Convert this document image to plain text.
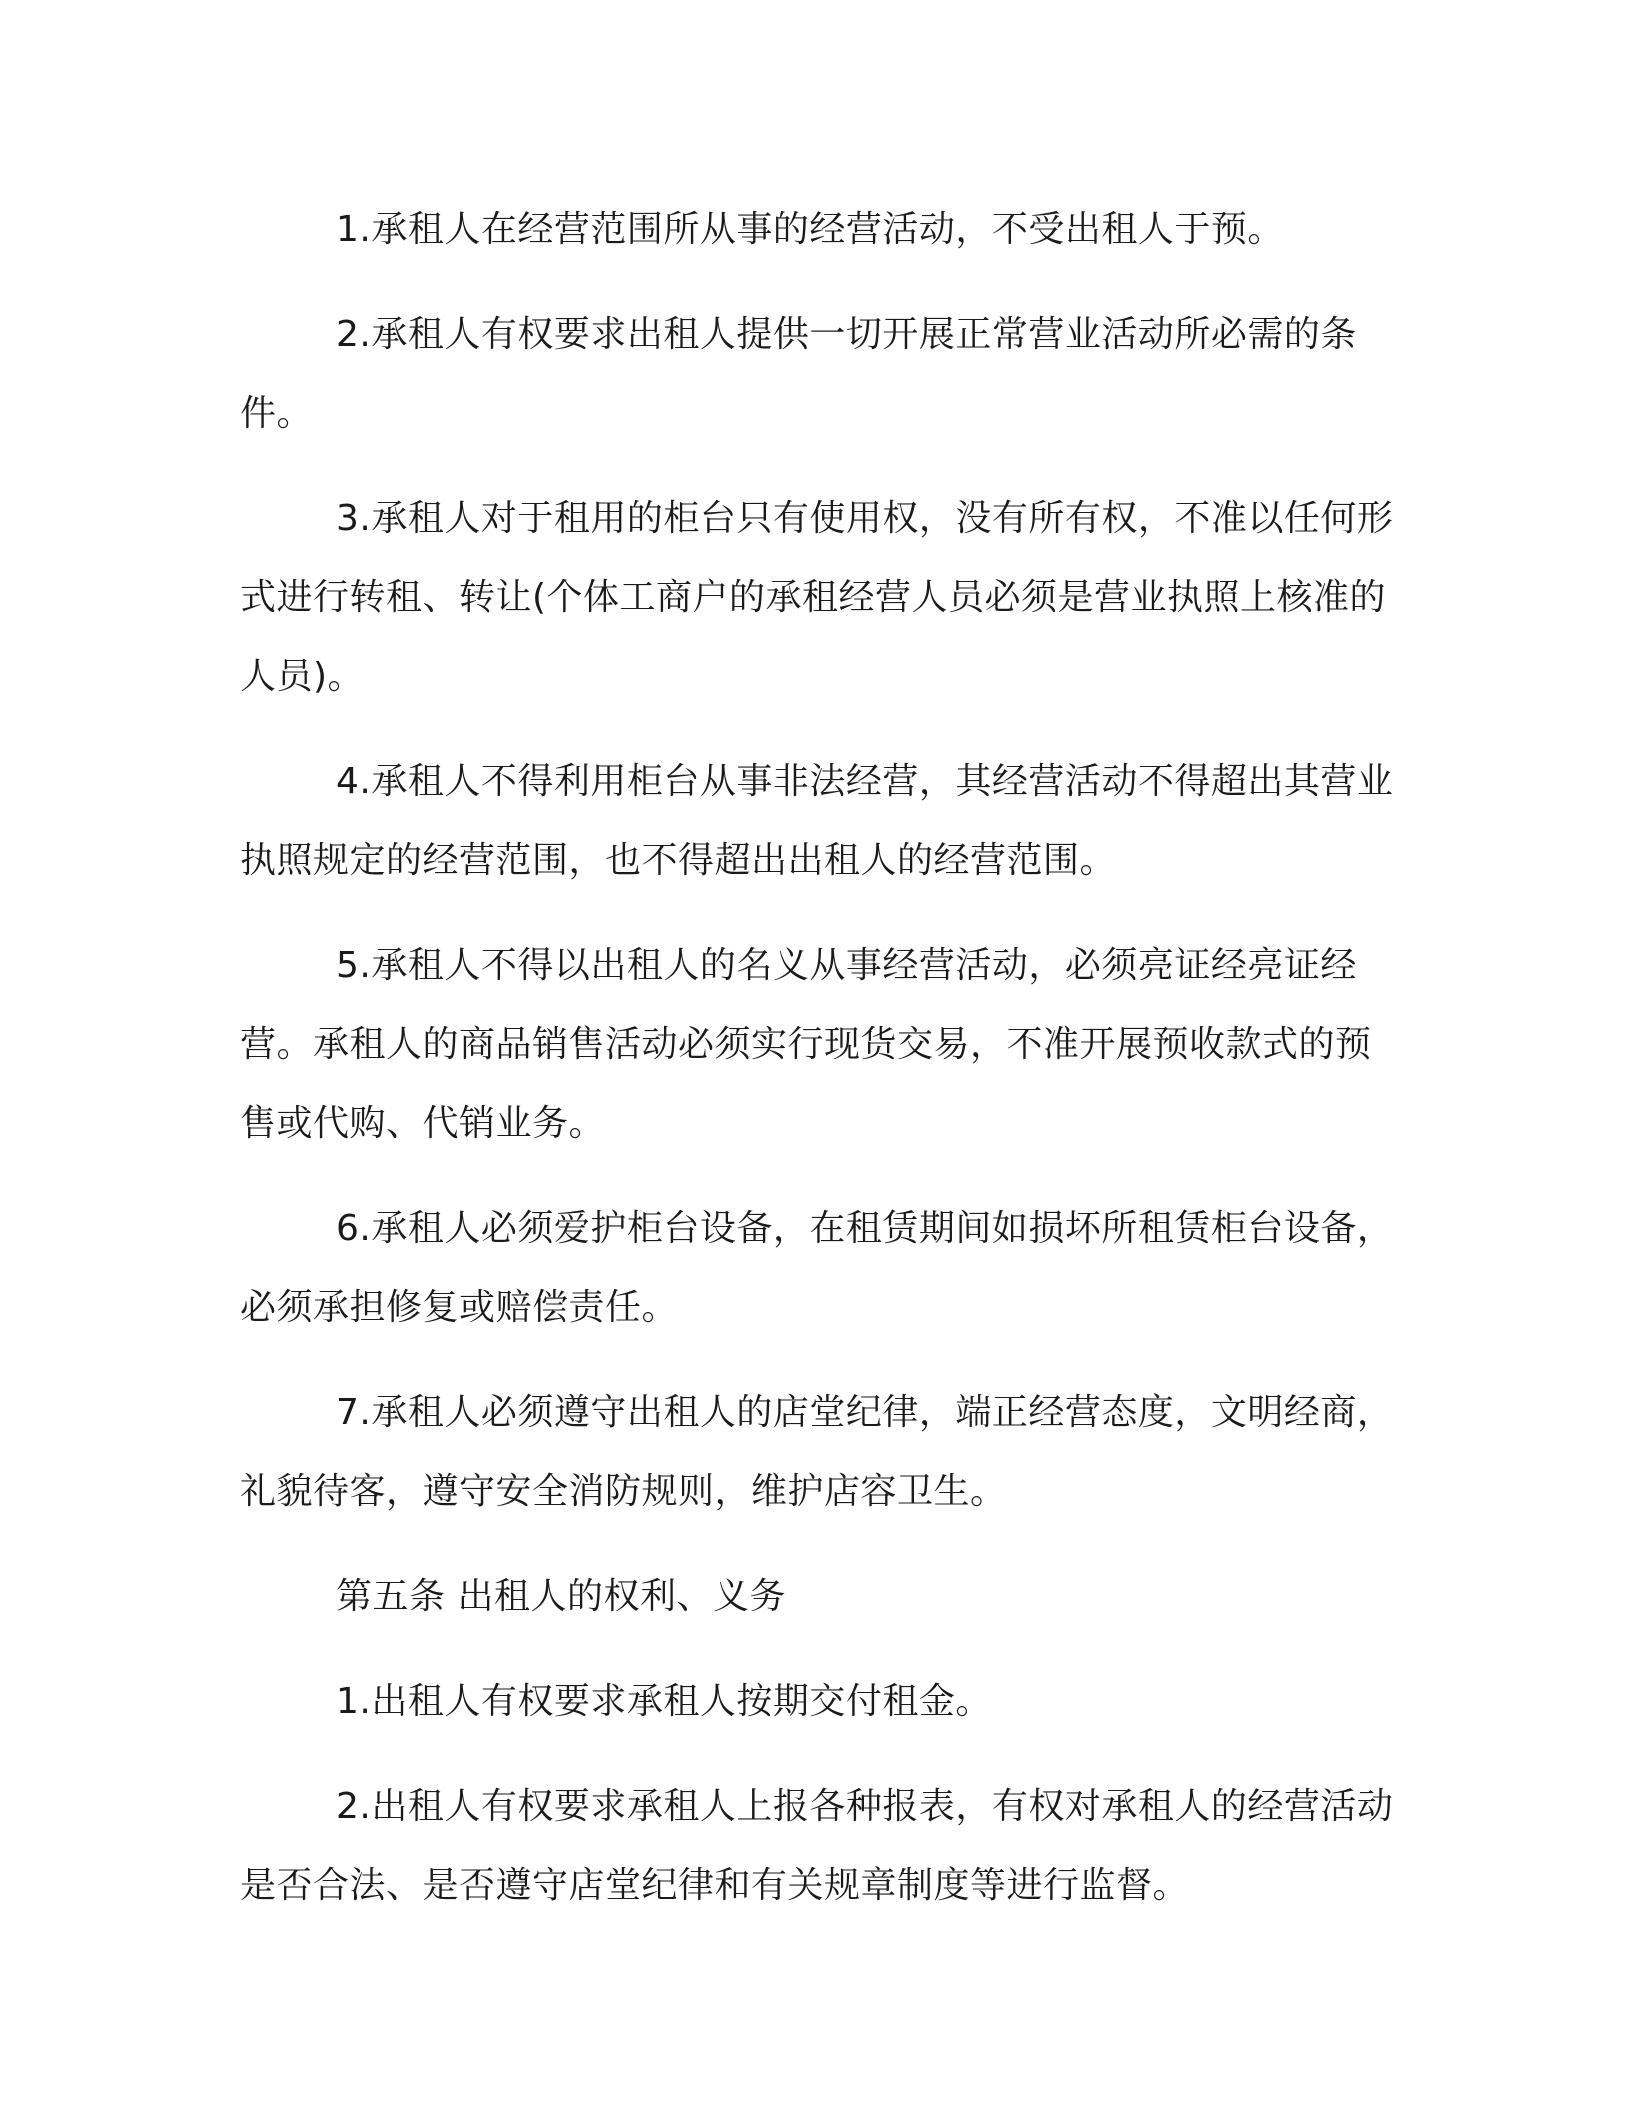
1.承租人在经营范围所从事的经营活动，不受出租人于预。

2.承租人有权要求出租人提供一切开展正常营业活动所必需的条件。

3.承租人对于租用的柜台只有使用权，没有所有权，不准以任何形式进行转租、转让(个体工商户的承租经营人员必须是营业执照上核准的人员)。

4.承租人不得利用柜台从事非法经营，其经营活动不得超出其营业执照规定的经营范围，也不得超出出租人的经营范围。

5.承租人不得以出租人的名义从事经营活动，必须亮证经亮证经营。承租人的商品销售活动必须实行现货交易，不准开展预收款式的预售或代购、代销业务。

6.承租人必须爱护柜台设备，在租赁期间如损坏所租赁柜台设备，必须承担修复或赔偿责任。

7.承租人必须遵守出租人的店堂纪律，端正经营态度，文明经商，礼貌待客，遵守安全消防规则，维护店容卫生。

第五条 出租人的权利、义务

1.出租人有权要求承租人按期交付租金。

2.出租人有权要求承租人上报各种报表，有权对承租人的经营活动是否合法、是否遵守店堂纪律和有关规章制度等进行监督。
